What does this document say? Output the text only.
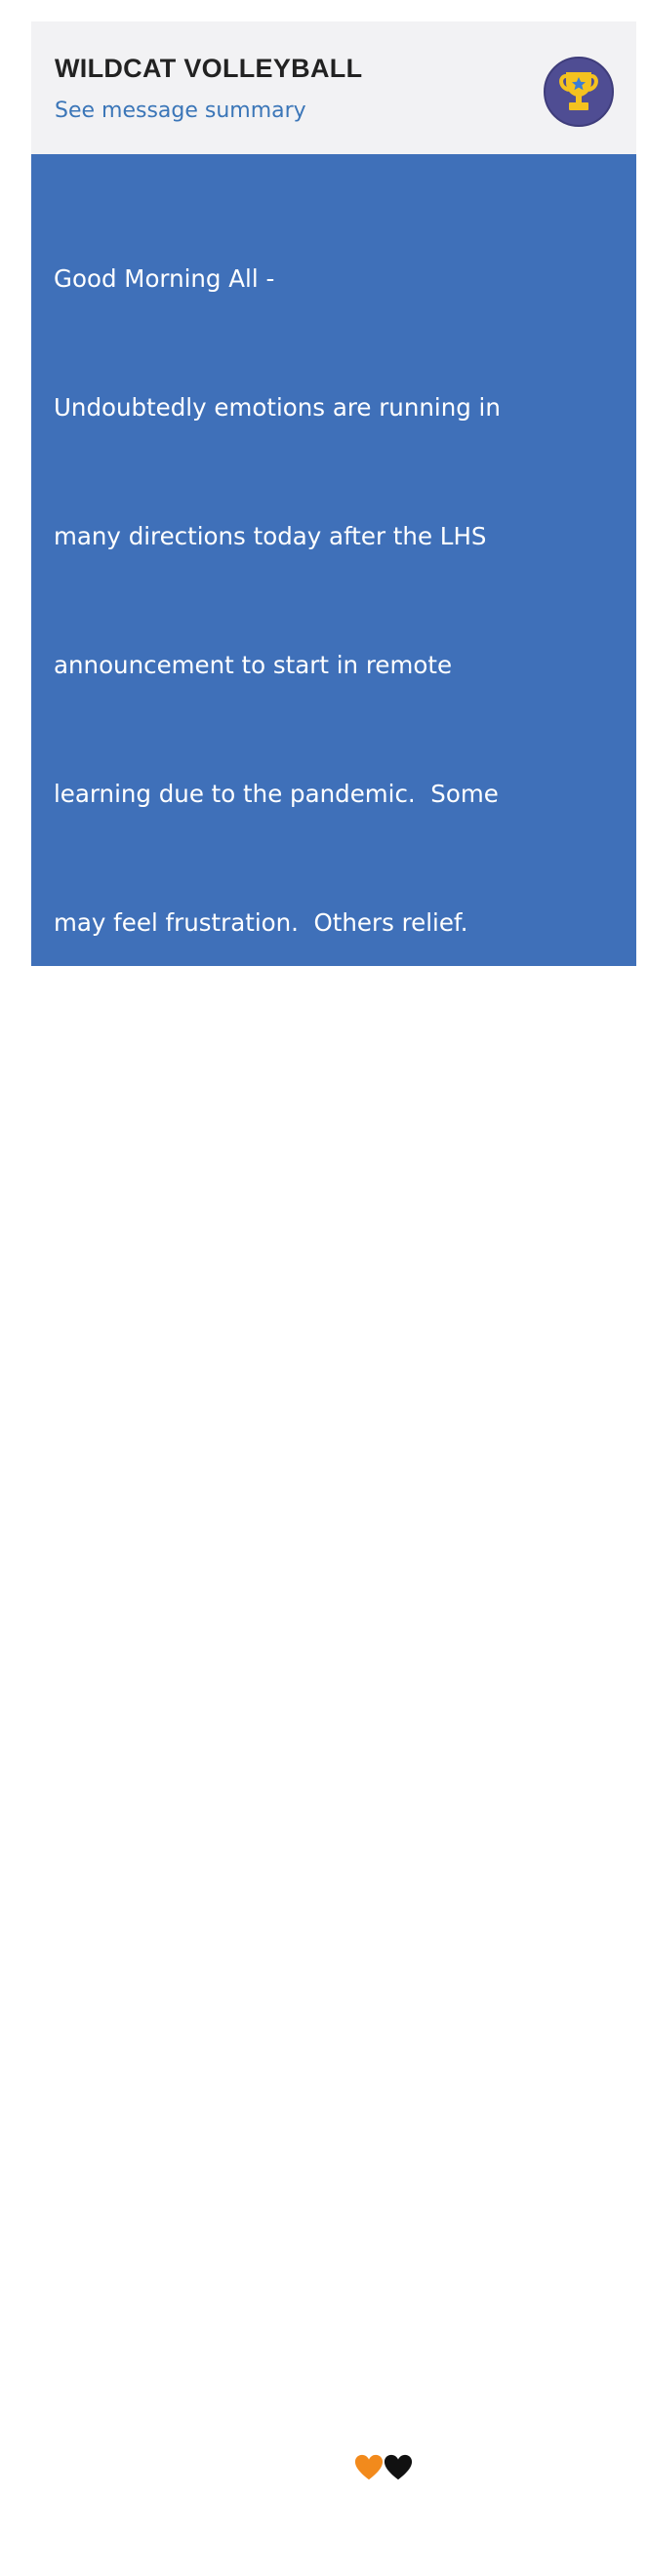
WILDCAT VOLLEYBALL
See message summary

Good Morning All -

Undoubtedly emotions are running in

many directions today after the LHS

announcement to start in remote

learning due to the pandemic.  Some

may feel frustration.  Others relief.

Probably most are feeling sadness and

a sense of loss and further uncertainty.

We don’t know what this means for us

yet but that’s not what’s important

today.

We will as ever be here for you or your

family to listen, to love, to reassure.

We are all in this together.  Just know

that we are here for you today and

always - you will always have a place

to go with your worries!
